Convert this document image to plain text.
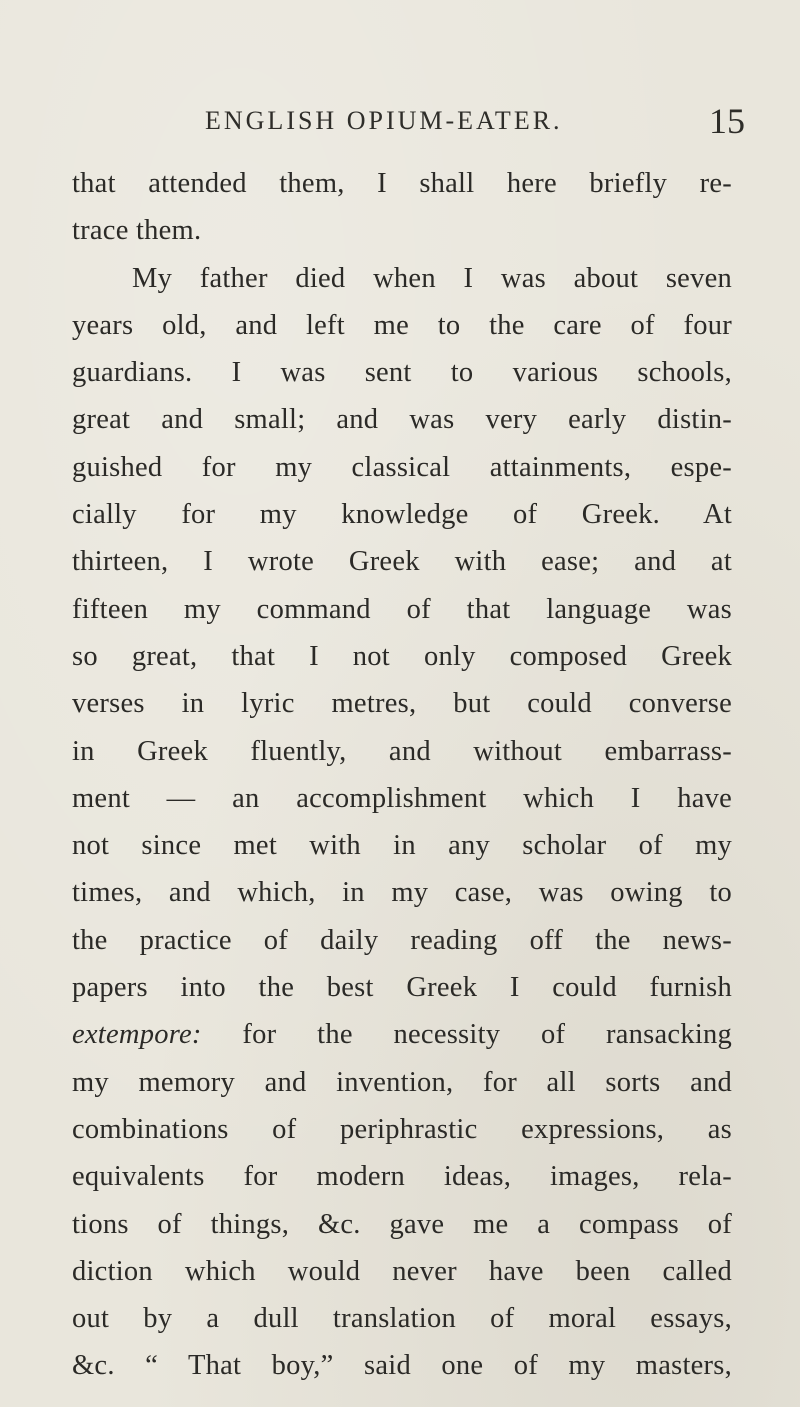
ENGLISH OPIUM-EATER.	15
that attended them, I shall here briefly re-
trace them.
My father died when I was about seven
years old, and left me to the care of four
guardians. I was sent to various schools,
great and small; and was very early distin-
guished for my classical attainments, espe-
cially for my knowledge of Greek. At
thirteen, I wrote Greek with ease; and at
fifteen my command of that language was
so great, that I not only composed Greek
verses in lyric metres, but could converse
in Greek fluently, and without embarrass-
ment — an accomplishment which I have
not since met with in any scholar of my
times, and which, in my case, was owing to
the practice of daily reading off the news-
papers into the best Greek I could furnish
extempore: for the necessity of ransacking
my memory and invention, for all sorts and
combinations of periphrastic expressions, as
equivalents for modern ideas, images, rela-
tions of things, &c. gave me a compass of
diction which would never have been called
out by a dull translation of moral essays,
&c. “ That boy,” said one of my masters,
